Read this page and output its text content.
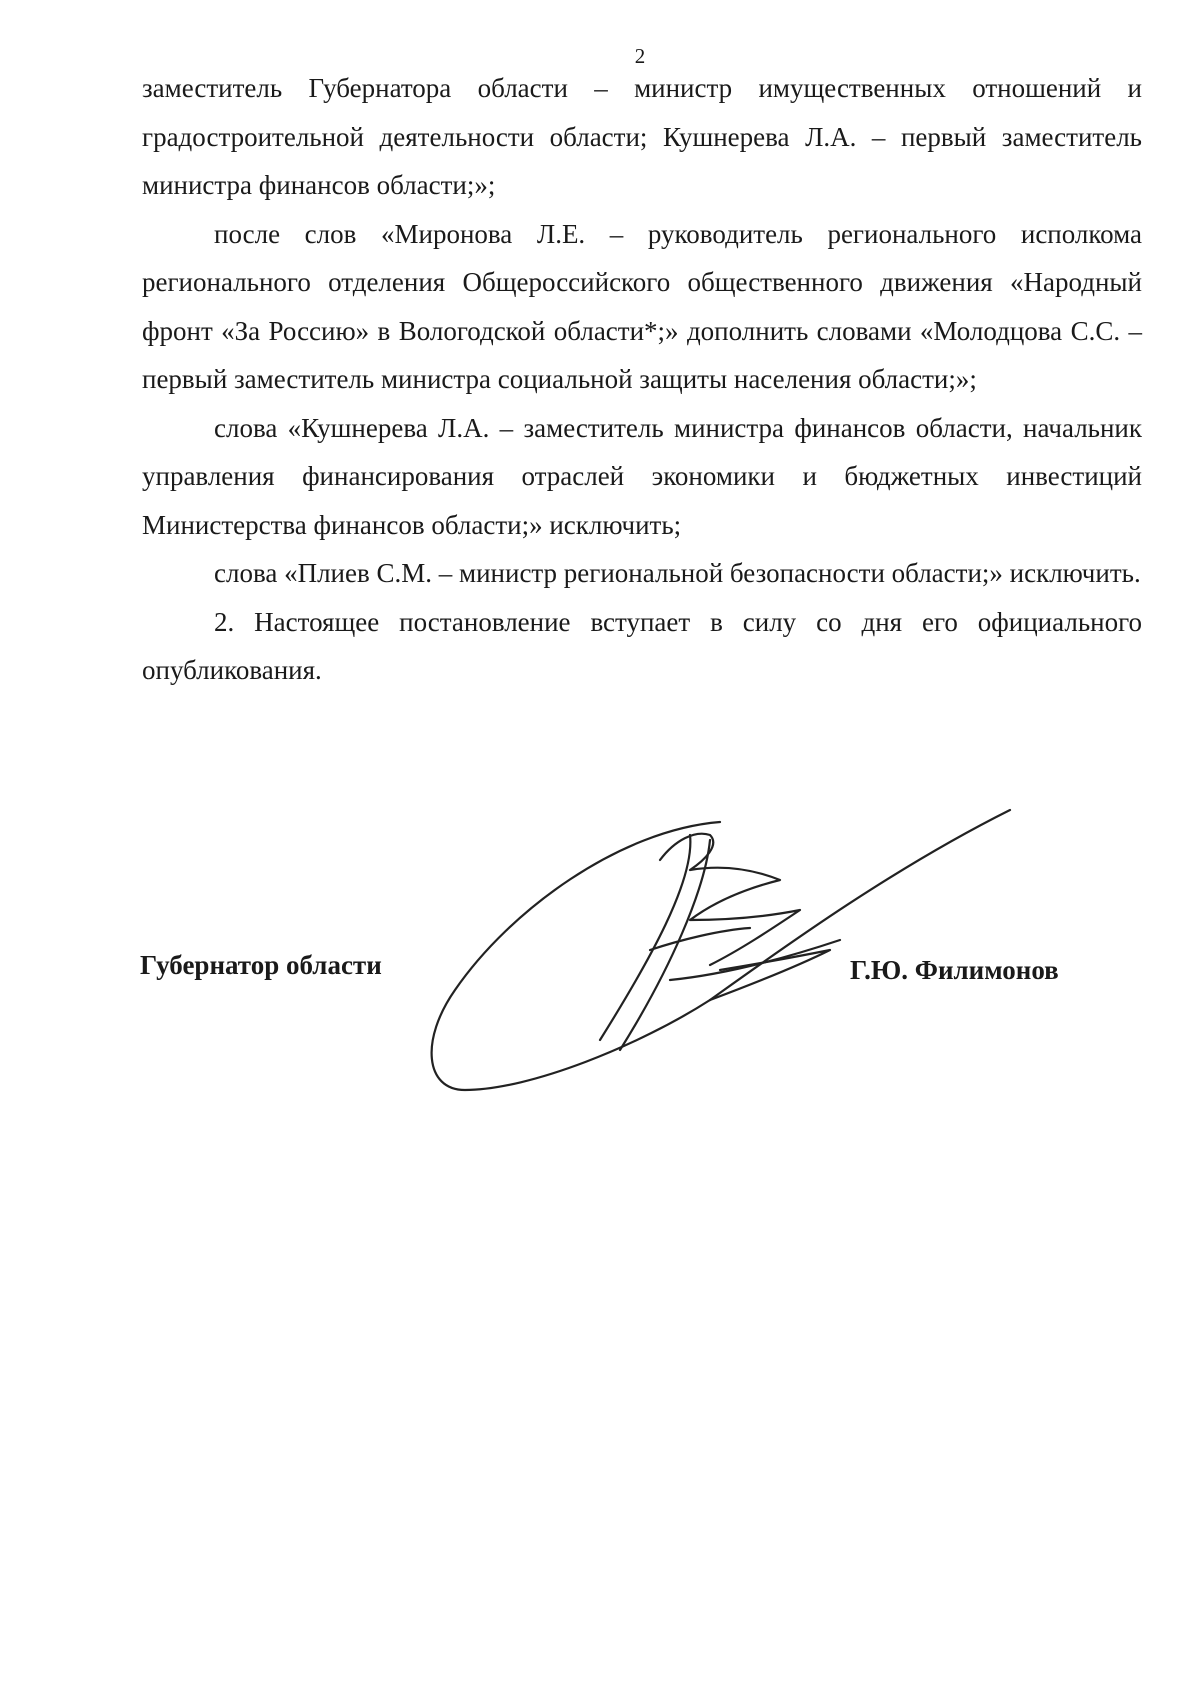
2

заместитель Губернатора области – министр имущественных отношений и градостроительной деятельности области; Кушнерева Л.А. – первый заместитель министра финансов области;»;

после слов «Миронова Л.Е. – руководитель регионального исполкома регионального отделения Общероссийского общественного движения «Народный фронт «За Россию» в Вологодской области*;» дополнить словами «Молодцова С.С. – первый заместитель министра социальной защиты населения области;»;

слова «Кушнерева Л.А. – заместитель министра финансов области, начальник управления финансирования отраслей экономики и бюджетных инвестиций Министерства финансов области;» исключить;

слова «Плиев С.М. – министр региональной безопасности области;» исключить.

2. Настоящее постановление вступает в силу со дня его официального опубликования.

Губернатор области	Г.Ю. Филимонов
